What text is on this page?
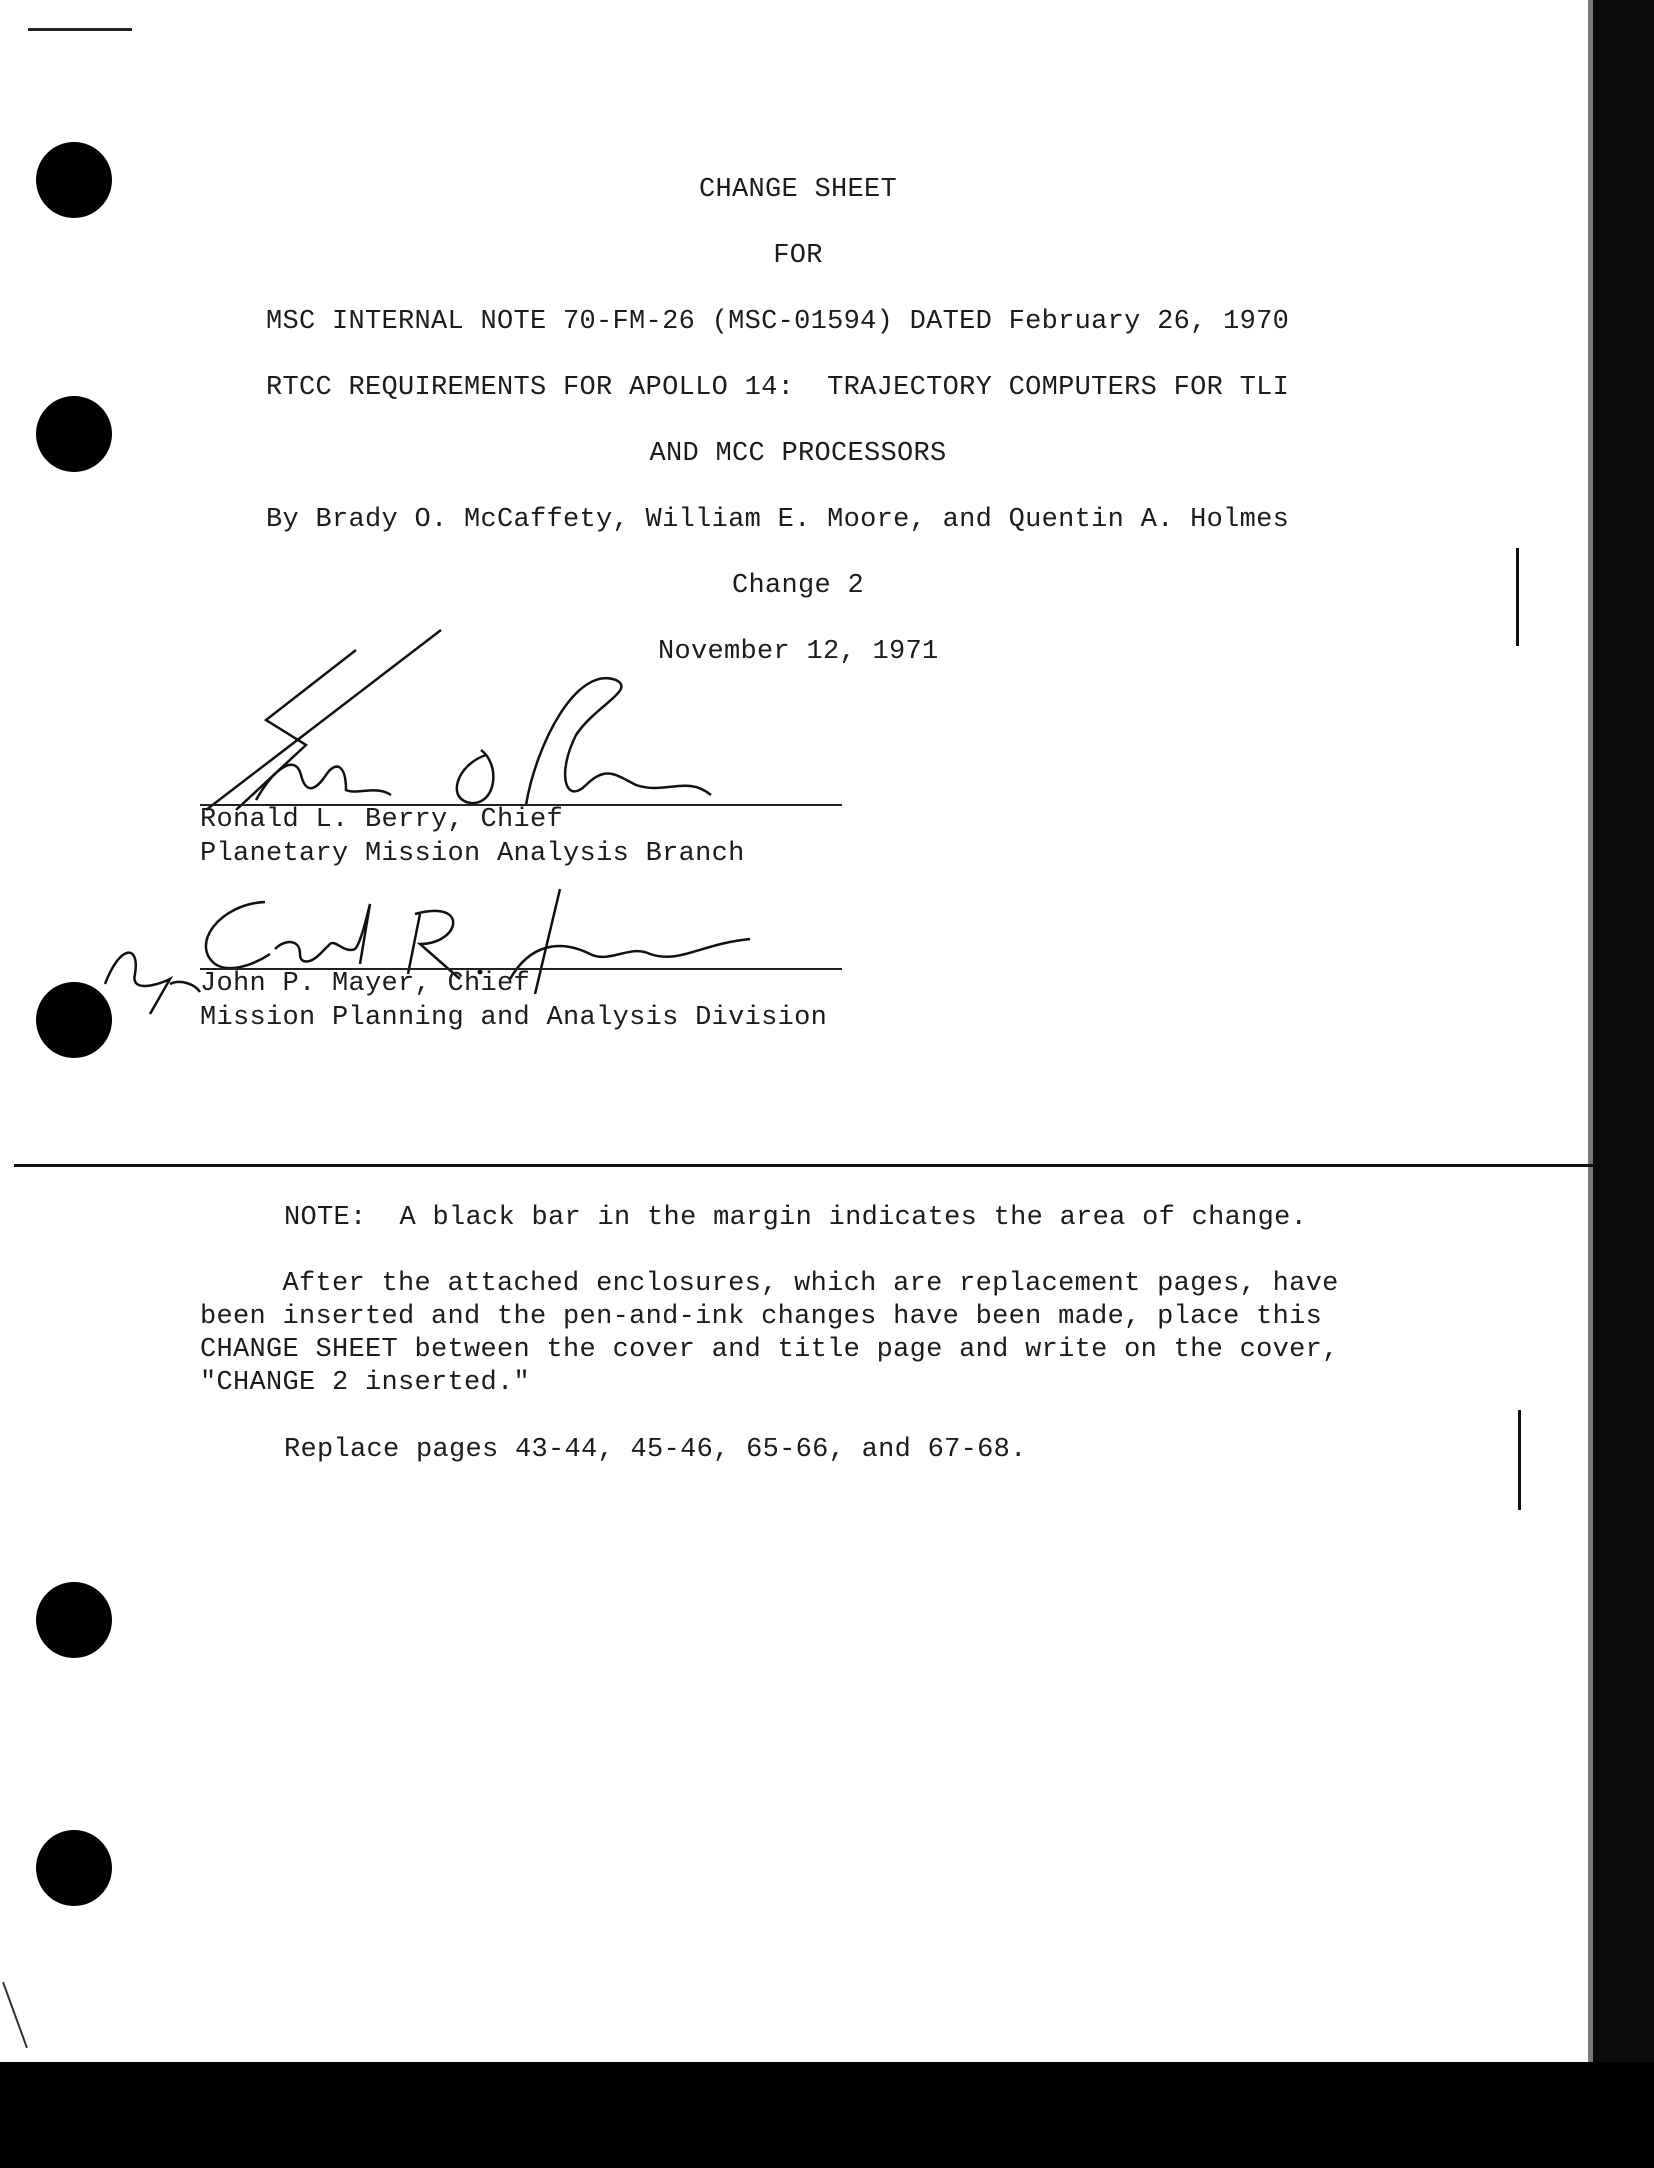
CHANGE SHEET
FOR
MSC INTERNAL NOTE 70-FM-26 (MSC-01594) DATED February 26, 1970
RTCC REQUIREMENTS FOR APOLLO 14:  TRAJECTORY COMPUTERS FOR TLI
AND MCC PROCESSORS
By Brady O. McCaffety, William E. Moore, and Quentin A. Holmes
Change 2
November 12, 1971
Ronald L. Berry, Chief
Planetary Mission Analysis Branch
John P. Mayer, Chief
Mission Planning and Analysis Division
NOTE:  A black bar in the margin indicates the area of change.
After the attached enclosures, which are replacement pages, have
been inserted and the pen-and-ink changes have been made, place this
CHANGE SHEET between the cover and title page and write on the cover,
"CHANGE 2 inserted."
Replace pages 43-44, 45-46, 65-66, and 67-68.
